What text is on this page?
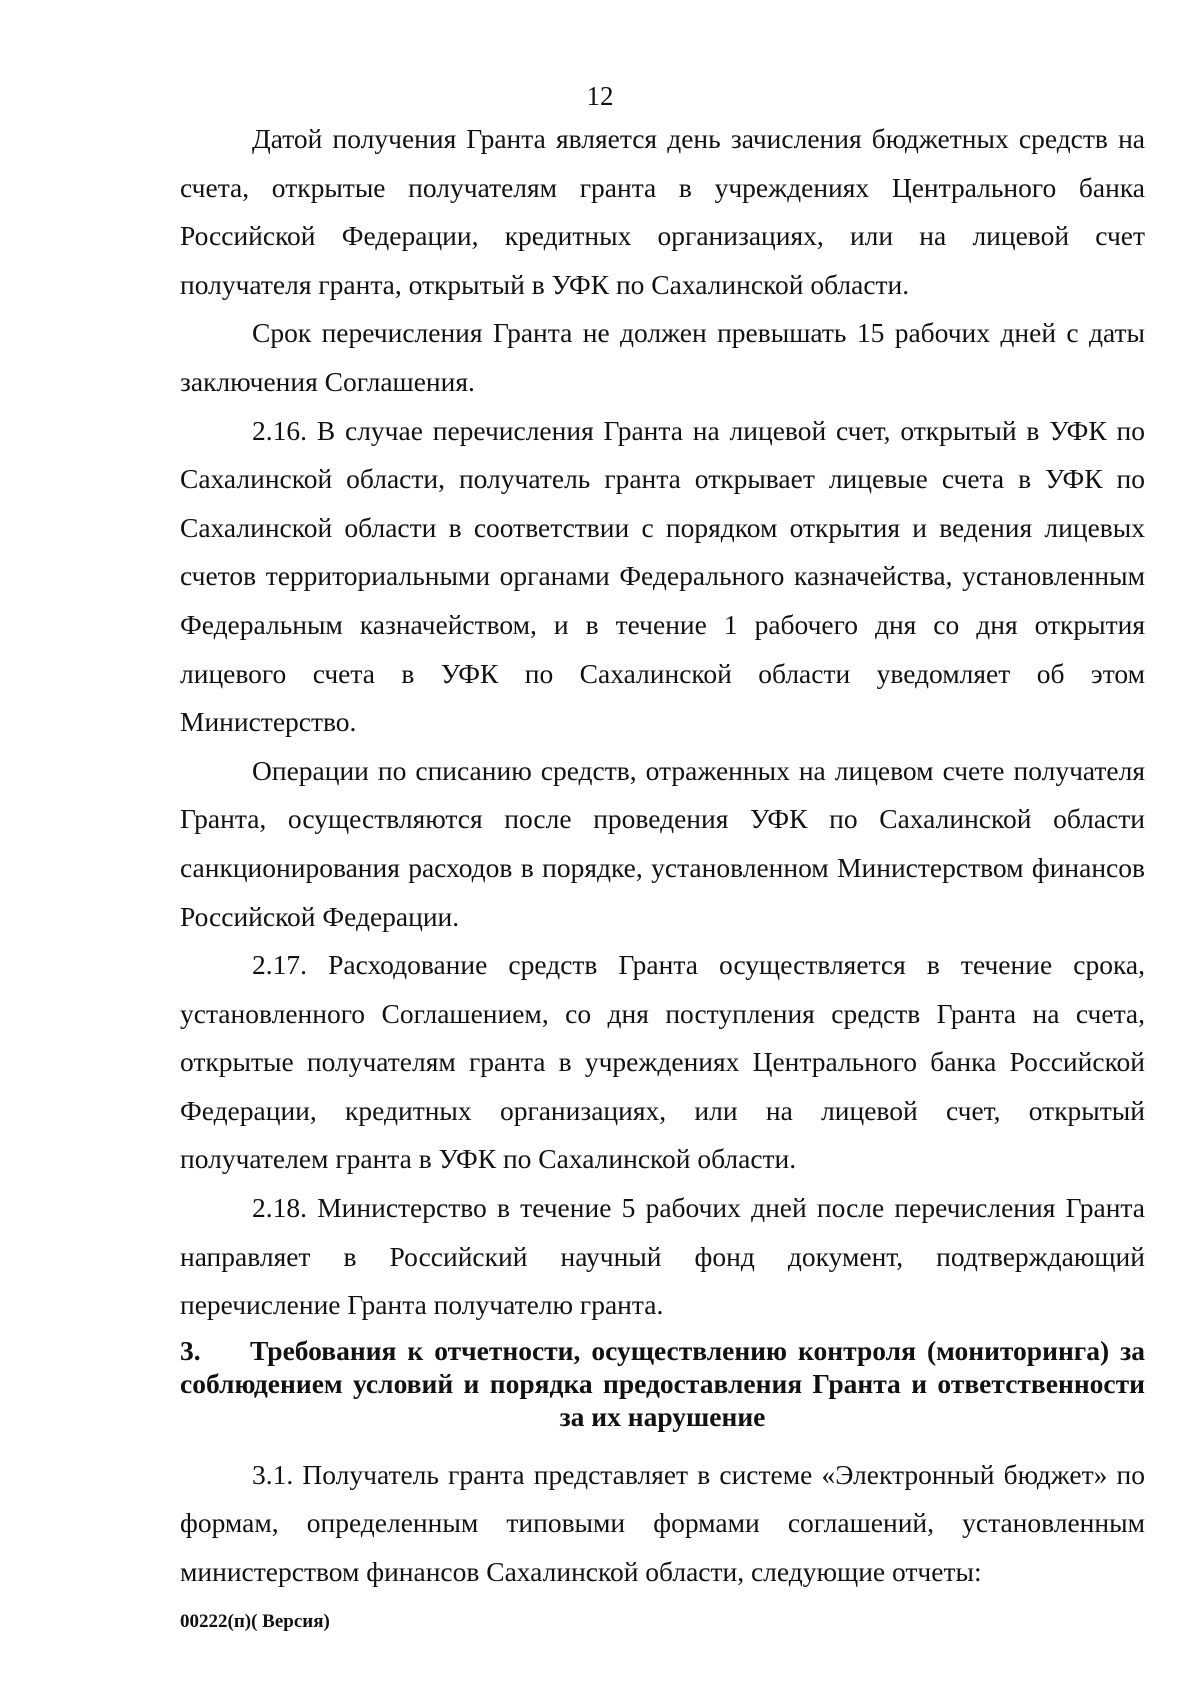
12

Датой получения Гранта является день зачисления бюджетных средств на счета, открытые получателям гранта в учреждениях Центрального банка Российской Федерации, кредитных организациях, или на лицевой счет получателя гранта, открытый в УФК по Сахалинской области.

Срок перечисления Гранта не должен превышать 15 рабочих дней с даты заключения Соглашения.

2.16. В случае перечисления Гранта на лицевой счет, открытый в УФК по Сахалинской области, получатель гранта открывает лицевые счета в УФК по Сахалинской области в соответствии с порядком открытия и ведения лицевых счетов территориальными органами Федерального казначейства, установленным Федеральным казначейством, и в течение 1 рабочего дня со дня открытия лицевого счета в УФК по Сахалинской области уведомляет об этом Министерство.

Операции по списанию средств, отраженных на лицевом счете получателя Гранта, осуществляются после проведения УФК по Сахалинской области санкционирования расходов в порядке, установленном Министерством финансов Российской Федерации.

2.17. Расходование средств Гранта осуществляется в течение срока, установленного Соглашением, со дня поступления средств Гранта на счета, открытые получателям гранта в учреждениях Центрального банка Российской Федерации, кредитных организациях, или на лицевой счет, открытый получателем гранта в УФК по Сахалинской области.

2.18. Министерство в течение 5 рабочих дней после перечисления Гранта направляет в Российский научный фонд документ, подтверждающий перечисление Гранта получателю гранта.

3.	Требования к отчетности, осуществлению контроля (мониторинга) за соблюдением условий и порядка предоставления Гранта и ответственности за их нарушение

3.1. Получатель гранта представляет в системе «Электронный бюджет» по формам, определенным типовыми формами соглашений, установленным министерством финансов Сахалинской области, следующие отчеты:

00222(п)( Версия)
